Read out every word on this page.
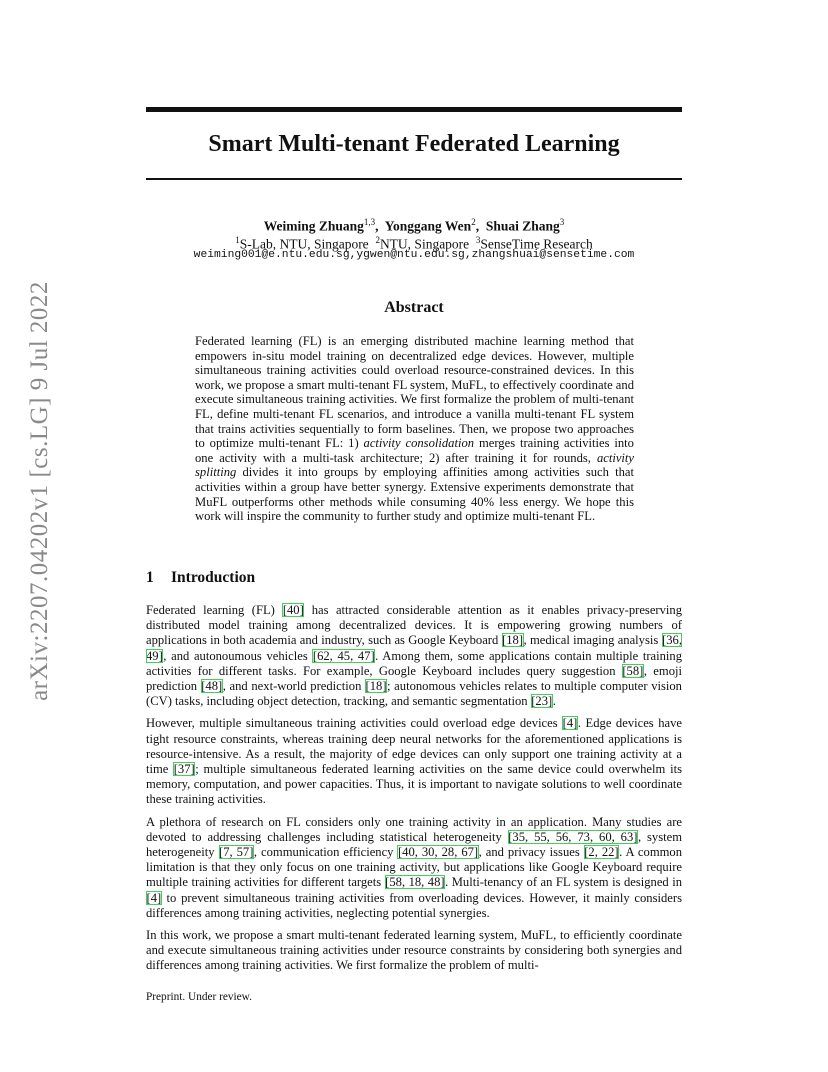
arXiv:2207.04202v1 [cs.LG] 9 Jul 2022
Smart Multi-tenant Federated Learning
Weiming Zhuang$^{1,3}$,  Yonggang Wen$^2$,  Shuai Zhang$^3$
$^1$S-Lab, NTU, Singapore $^2$NTU, Singapore $^3$SenseTime Research
weiming001@e.ntu.edu.sg,ygwen@ntu.edu.sg,zhangshuai@sensetime.com
Abstract
Federated learning (FL) is an emerging distributed machine learning method that empowers in-situ model training on decentralized edge devices. However, multiple simultaneous training activities could overload resource-constrained devices. In this work, we propose a smart multi-tenant FL system, MuFL, to effectively coordinate and execute simultaneous training activities. We first formalize the problem of multi-tenant FL, define multi-tenant FL scenarios, and introduce a vanilla multi-tenant FL system that trains activities sequentially to form baselines. Then, we propose two approaches to optimize multi-tenant FL: 1) activity consolidation merges training activities into one activity with a multi-task architecture; 2) after training it for rounds, activity splitting divides it into groups by employing affinities among activities such that activities within a group have better synergy. Extensive experiments demonstrate that MuFL outperforms other methods while consuming 40% less energy. We hope this work will inspire the community to further study and optimize multi-tenant FL.
1 Introduction

Federated learning (FL) [40] has attracted considerable attention as it enables privacy-preserving distributed model training among decentralized devices. It is empowering growing numbers of applications in both academia and industry, such as Google Keyboard [18], medical imaging analysis [36, 49], and autonoumous vehicles [62, 45, 47]. Among them, some applications contain multiple training activities for different tasks. For example, Google Keyboard includes query suggestion [58], emoji prediction [48], and next-world prediction [18]; autonomous vehicles relates to multiple computer vision (CV) tasks, including object detection, tracking, and semantic segmentation [23].

However, multiple simultaneous training activities could overload edge devices [4]. Edge devices have tight resource constraints, whereas training deep neural networks for the aforementioned applications is resource-intensive. As a result, the majority of edge devices can only support one training activity at a time [37]; multiple simultaneous federated learning activities on the same device could overwhelm its memory, computation, and power capacities. Thus, it is important to navigate solutions to well coordinate these training activities.

A plethora of research on FL considers only one training activity in an application. Many studies are devoted to addressing challenges including statistical heterogeneity [35, 55, 56, 73, 60, 63], system heterogeneity [7, 57], communication efficiency [40, 30, 28, 67], and privacy issues [2, 22]. A common limitation is that they only focus on one training activity, but applications like Google Keyboard require multiple training activities for different targets [58, 18, 48]. Multi-tenancy of an FL system is designed in [4] to prevent simultaneous training activities from overloading devices. However, it mainly considers differences among training activities, neglecting potential synergies.

In this work, we propose a smart multi-tenant federated learning system, MuFL, to efficiently coordinate and execute simultaneous training activities under resource constraints by considering both synergies and differences among training activities. We first formalize the problem of multi-

Preprint. Under review.
